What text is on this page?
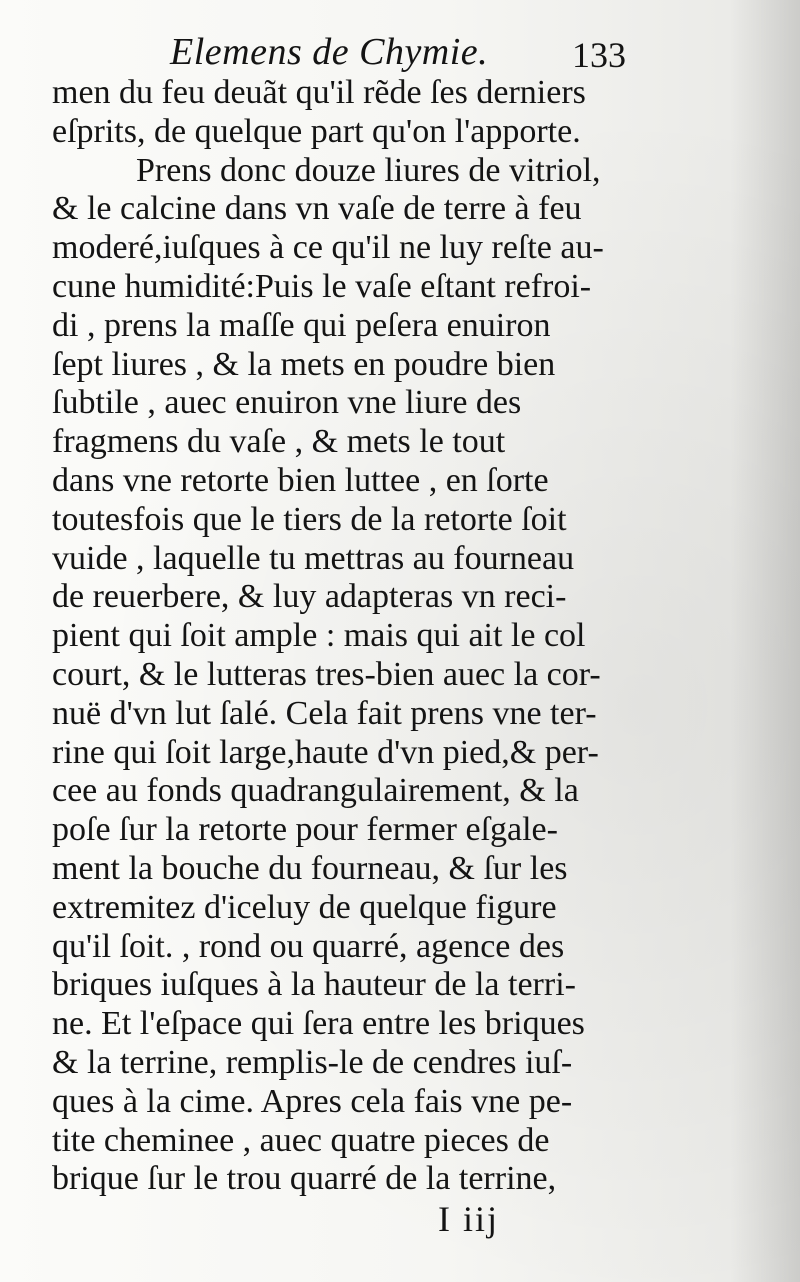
Elemens de Chymie. 133
men du feu deuãt qu'il rẽde ſes derniers
eſprits, de quelque part qu'on l'apporte.
Prens donc douze liures de vitriol,
& le calcine dans vn vaſe de terre à feu
moderé,iuſques à ce qu'il ne luy reſte au-
cune humidité:Puis le vaſe eſtant refroi-
di , prens la maſſe qui peſera enuiron
ſept liures , & la mets en poudre bien
ſubtile , auec enuiron vne liure des
fragmens du vaſe , & mets le tout
dans vne retorte bien luttee , en ſorte
toutesfois que le tiers de la retorte ſoit
vuide , laquelle tu mettras au fourneau
de reuerbere, & luy adapteras vn reci-
pient qui ſoit ample : mais qui ait le col
court, & le lutteras tres-bien auec la cor-
nuë d'vn lut ſalé. Cela fait prens vne ter-
rine qui ſoit large,haute d'vn pied,& per-
cee au fonds quadrangulairement, & la
poſe ſur la retorte pour fermer eſgale-
ment la bouche du fourneau, & ſur les
extremitez d'iceluy de quelque figure
qu'il ſoit. , rond ou quarré, agence des
briques iuſques à la hauteur de la terri-
ne. Et l'eſpace qui ſera entre les briques
& la terrine, remplis-le de cendres iuſ-
ques à la cime. Apres cela fais vne pe-
tite cheminee , auec quatre pieces de
brique ſur le trou quarré de la terrine,
I iij
